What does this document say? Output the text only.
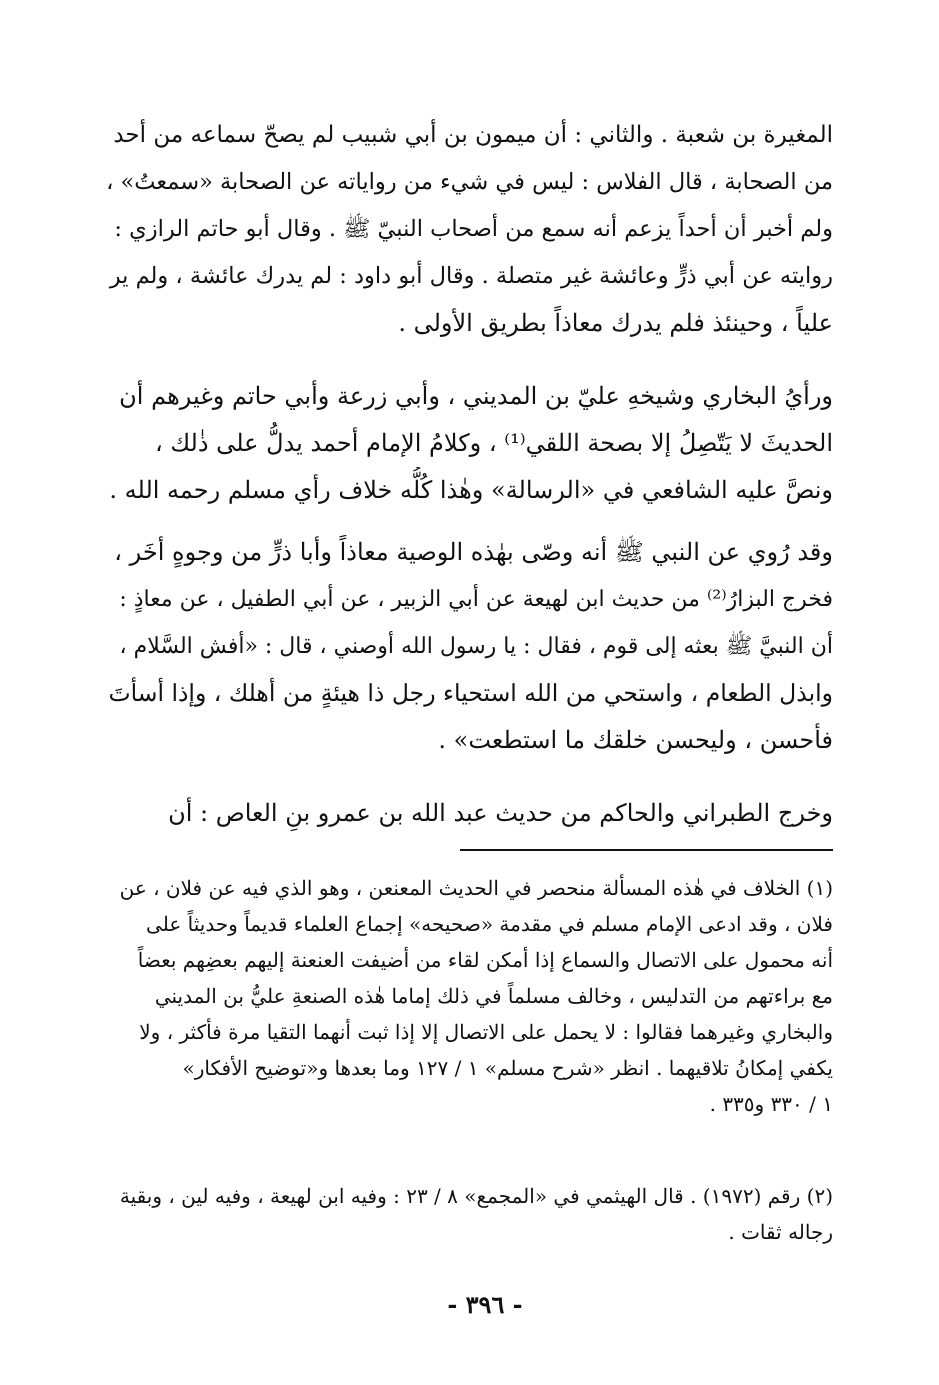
المغيرة بن شعبة . والثاني : أن ميمون بن أبي شبيب لم يصحّ سماعه من أحد
من الصحابة ، قال الفلاس : ليس في شيء من رواياته عن الصحابة «سمعتُ» ،
ولم أخبر أن أحداً يزعم أنه سمع من أصحاب النبيّ ﷺ . وقال أبو حاتم الرازي :
روايته عن أبي ذرٍّ وعائشة غير متصلة . وقال أبو داود : لم يدرك عائشة ، ولم ير
علياً ، وحينئذ فلم يدرك معاذاً بطريق الأولى .

ورأيُ البخاري وشيخهِ عليّ بن المديني ، وأبي زرعة وأبي حاتم وغيرهم أن
الحديثَ لا يَتّصِلُ إلا بصحة اللقي⁽¹⁾ ، وكلامُ الإمام أحمد يدلُّ على ذٰلك ،
ونصَّ عليه الشافعي في «الرسالة» وهٰذا كُلُّه خلاف رأي مسلم رحمه الله .

وقد رُوي عن النبي ﷺ أنه وصّى بهٰذه الوصية معاذاً وأبا ذرٍّ من وجوهٍ أخَر ،
فخرج البزارُ⁽²⁾ من حديث ابن لهيعة عن أبي الزبير ، عن أبي الطفيل ، عن معاذٍ :
أن النبيَّ ﷺ بعثه إلى قوم ، فقال : يا رسول الله أوصني ، قال : «أفش السَّلام ،
وابذل الطعام ، واستحي من الله استحياء رجل ذا هيئةٍ من أهلك ، وإذا أسأتَ
فأحسن ، وليحسن خلقك ما استطعت» .

وخرج الطبراني والحاكم من حديث عبد الله بن عمرو بنِ العاص : أن

(١) الخلاف في هٰذه المسألة منحصر في الحديث المعنعن ، وهو الذي فيه عن فلان ، عن
فلان ، وقد ادعى الإمام مسلم في مقدمة «صحيحه» إجماع العلماء قديماً وحديثاً على
أنه محمول على الاتصال والسماع إذا أمكن لقاء من أضيفت العنعنة إليهم بعضِهم بعضاً
مع براءتهم من التدليس ، وخالف مسلماً في ذلك إماما هٰذه الصنعةِ عليُّ بن المديني
والبخاري وغيرهما فقالوا : لا يحمل على الاتصال إلا إذا ثبت أنهما التقيا مرة فأكثر ، ولا
يكفي إمكانُ تلاقيهما . انظر «شرح مسلم» ١ / ١٢٧ وما بعدها و«توضيح الأفكار»
١ / ٣٣٠ و٣٣٥ .

(٢) رقم (١٩٧٢) . قال الهيثمي في «المجمع» ٨ / ٢٣ : وفيه ابن لهيعة ، وفيه لين ، وبقية
رجاله ثقات .

- ٣٩٦ -
